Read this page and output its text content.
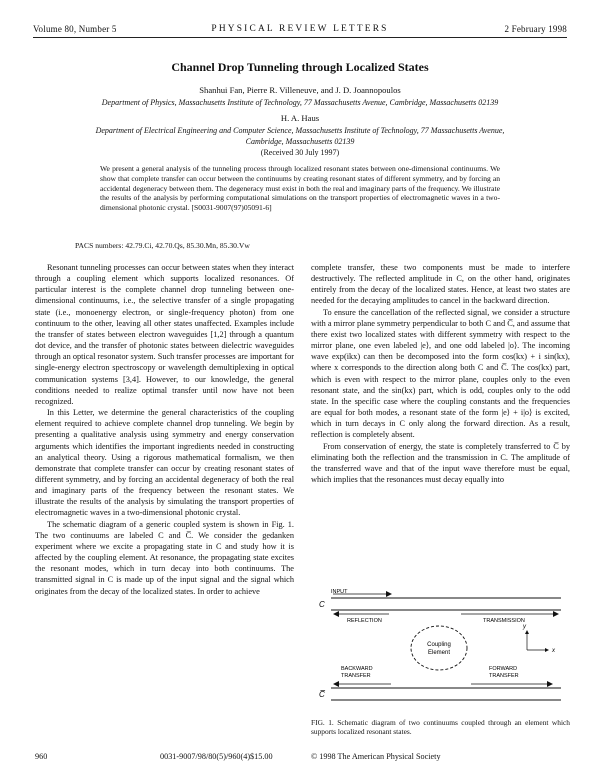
Volume 80, Number 5	PHYSICAL REVIEW LETTERS	2 February 1998
Channel Drop Tunneling through Localized States
Shanhui Fan, Pierre R. Villeneuve, and J. D. Joannopoulos
Department of Physics, Massachusetts Institute of Technology, 77 Massachusetts Avenue, Cambridge, Massachusetts 02139
H. A. Haus
Department of Electrical Engineering and Computer Science, Massachusetts Institute of Technology, 77 Massachusetts Avenue,
Cambridge, Massachusetts 02139
(Received 30 July 1997)
We present a general analysis of the tunneling process through localized resonant states between one-dimensional continuums. We show that complete transfer can occur between the continuums by creating resonant states of different symmetry, and by forcing an accidental degeneracy between them. The degeneracy must exist in both the real and imaginary parts of the frequency. We illustrate the results of the analysis by performing computational simulations on the transport properties of electromagnetic waves in a two-dimensional photonic crystal. [S0031-9007(97)05091-6]
PACS numbers: 42.79.Ci, 42.70.Qs, 85.30.Mn, 85.30.Vw

Resonant tunneling processes can occur between states when they interact through a coupling element which supports localized resonances. Of particular interest is the complete channel drop tunneling between one-dimensional continuums, i.e., the selective transfer of a single propagating state (i.e., monoenergy electron, or single-frequency photon) from one continuum to the other, leaving all other states unaffected. Examples include the transfer of states between electron waveguides [1,2] through a quantum dot device, and the transfer of photonic states between dielectric waveguides through an optical resonator system. Such transfer processes are important for single-energy electron spectroscopy or wavelength demultiplexing in optical communication systems [3,4]. However, to our knowledge, the general conditions needed to realize optimal transfer until now have not been recognized.

In this Letter, we determine the general characteristics of the coupling element required to achieve complete channel drop tunneling. We begin by presenting a qualitative analysis using symmetry and energy conservation arguments which identifies the important ingredients needed in constructing an analytical theory. Using a rigorous mathematical formalism, we then demonstrate that complete transfer can occur by creating resonant states of different symmetry, and by forcing an accidental degeneracy of both the real and imaginary parts of the frequency between the resonant states. We illustrate the results of the analysis by simulating the transport properties of electromagnetic waves in a two-dimensional photonic crystal.

The schematic diagram of a generic coupled system is shown in Fig. 1. The two continuums are labeled C and C̅. We consider the gedanken experiment where we excite a propagating state in C and study how it is affected by the coupling element. At resonance, the propagating state excites the resonant modes, which in turn decay into both continuums. The transmitted signal in C is made up of the input signal and the signal which originates from the decay of the localized states. In order to achieve

complete transfer, these two components must be made to interfere destructively. The reflected amplitude in C, on the other hand, originates entirely from the decay of the localized states. Hence, at least two states are needed for the decaying amplitudes to cancel in the backward direction.

To ensure the cancellation of the reflected signal, we consider a structure with a mirror plane symmetry perpendicular to both C and C̅, and assume that there exist two localized states with different symmetry with respect to the mirror plane, one even labeled |e⟩, and one odd labeled |o⟩. The incoming wave exp(ikx) can then be decomposed into the form cos(kx) + i sin(kx), where x corresponds to the direction along both C and C̅. The cos(kx) part, which is even with respect to the mirror plane, couples only to the even resonant state, and the sin(kx) part, which is odd, couples only to the odd state. In the specific case where the coupling constants and the frequencies are equal for both modes, a resonant state of the form |e⟩ + i|o⟩ is excited, which in turn decays in C only along the forward direction. As a result, reflection is completely absent.

From conservation of energy, the state is completely transferred to C̅ by eliminating both the reflection and the transmission in C. The amplitude of the transferred wave and that of the input wave therefore must be equal, which implies that the resonances must decay equally into

INPUT
REFLECTION	TRANSMISSION
C
Coupling
Element	x
y
BACKWARD
TRANSFER
FORWARD
TRANSFER
C̅
FIG. 1. Schematic diagram of two continuums coupled through an element which supports localized resonant states.
960	0031-9007/98/80(5)/960(4)$15.00	© 1998 The American Physical Society
